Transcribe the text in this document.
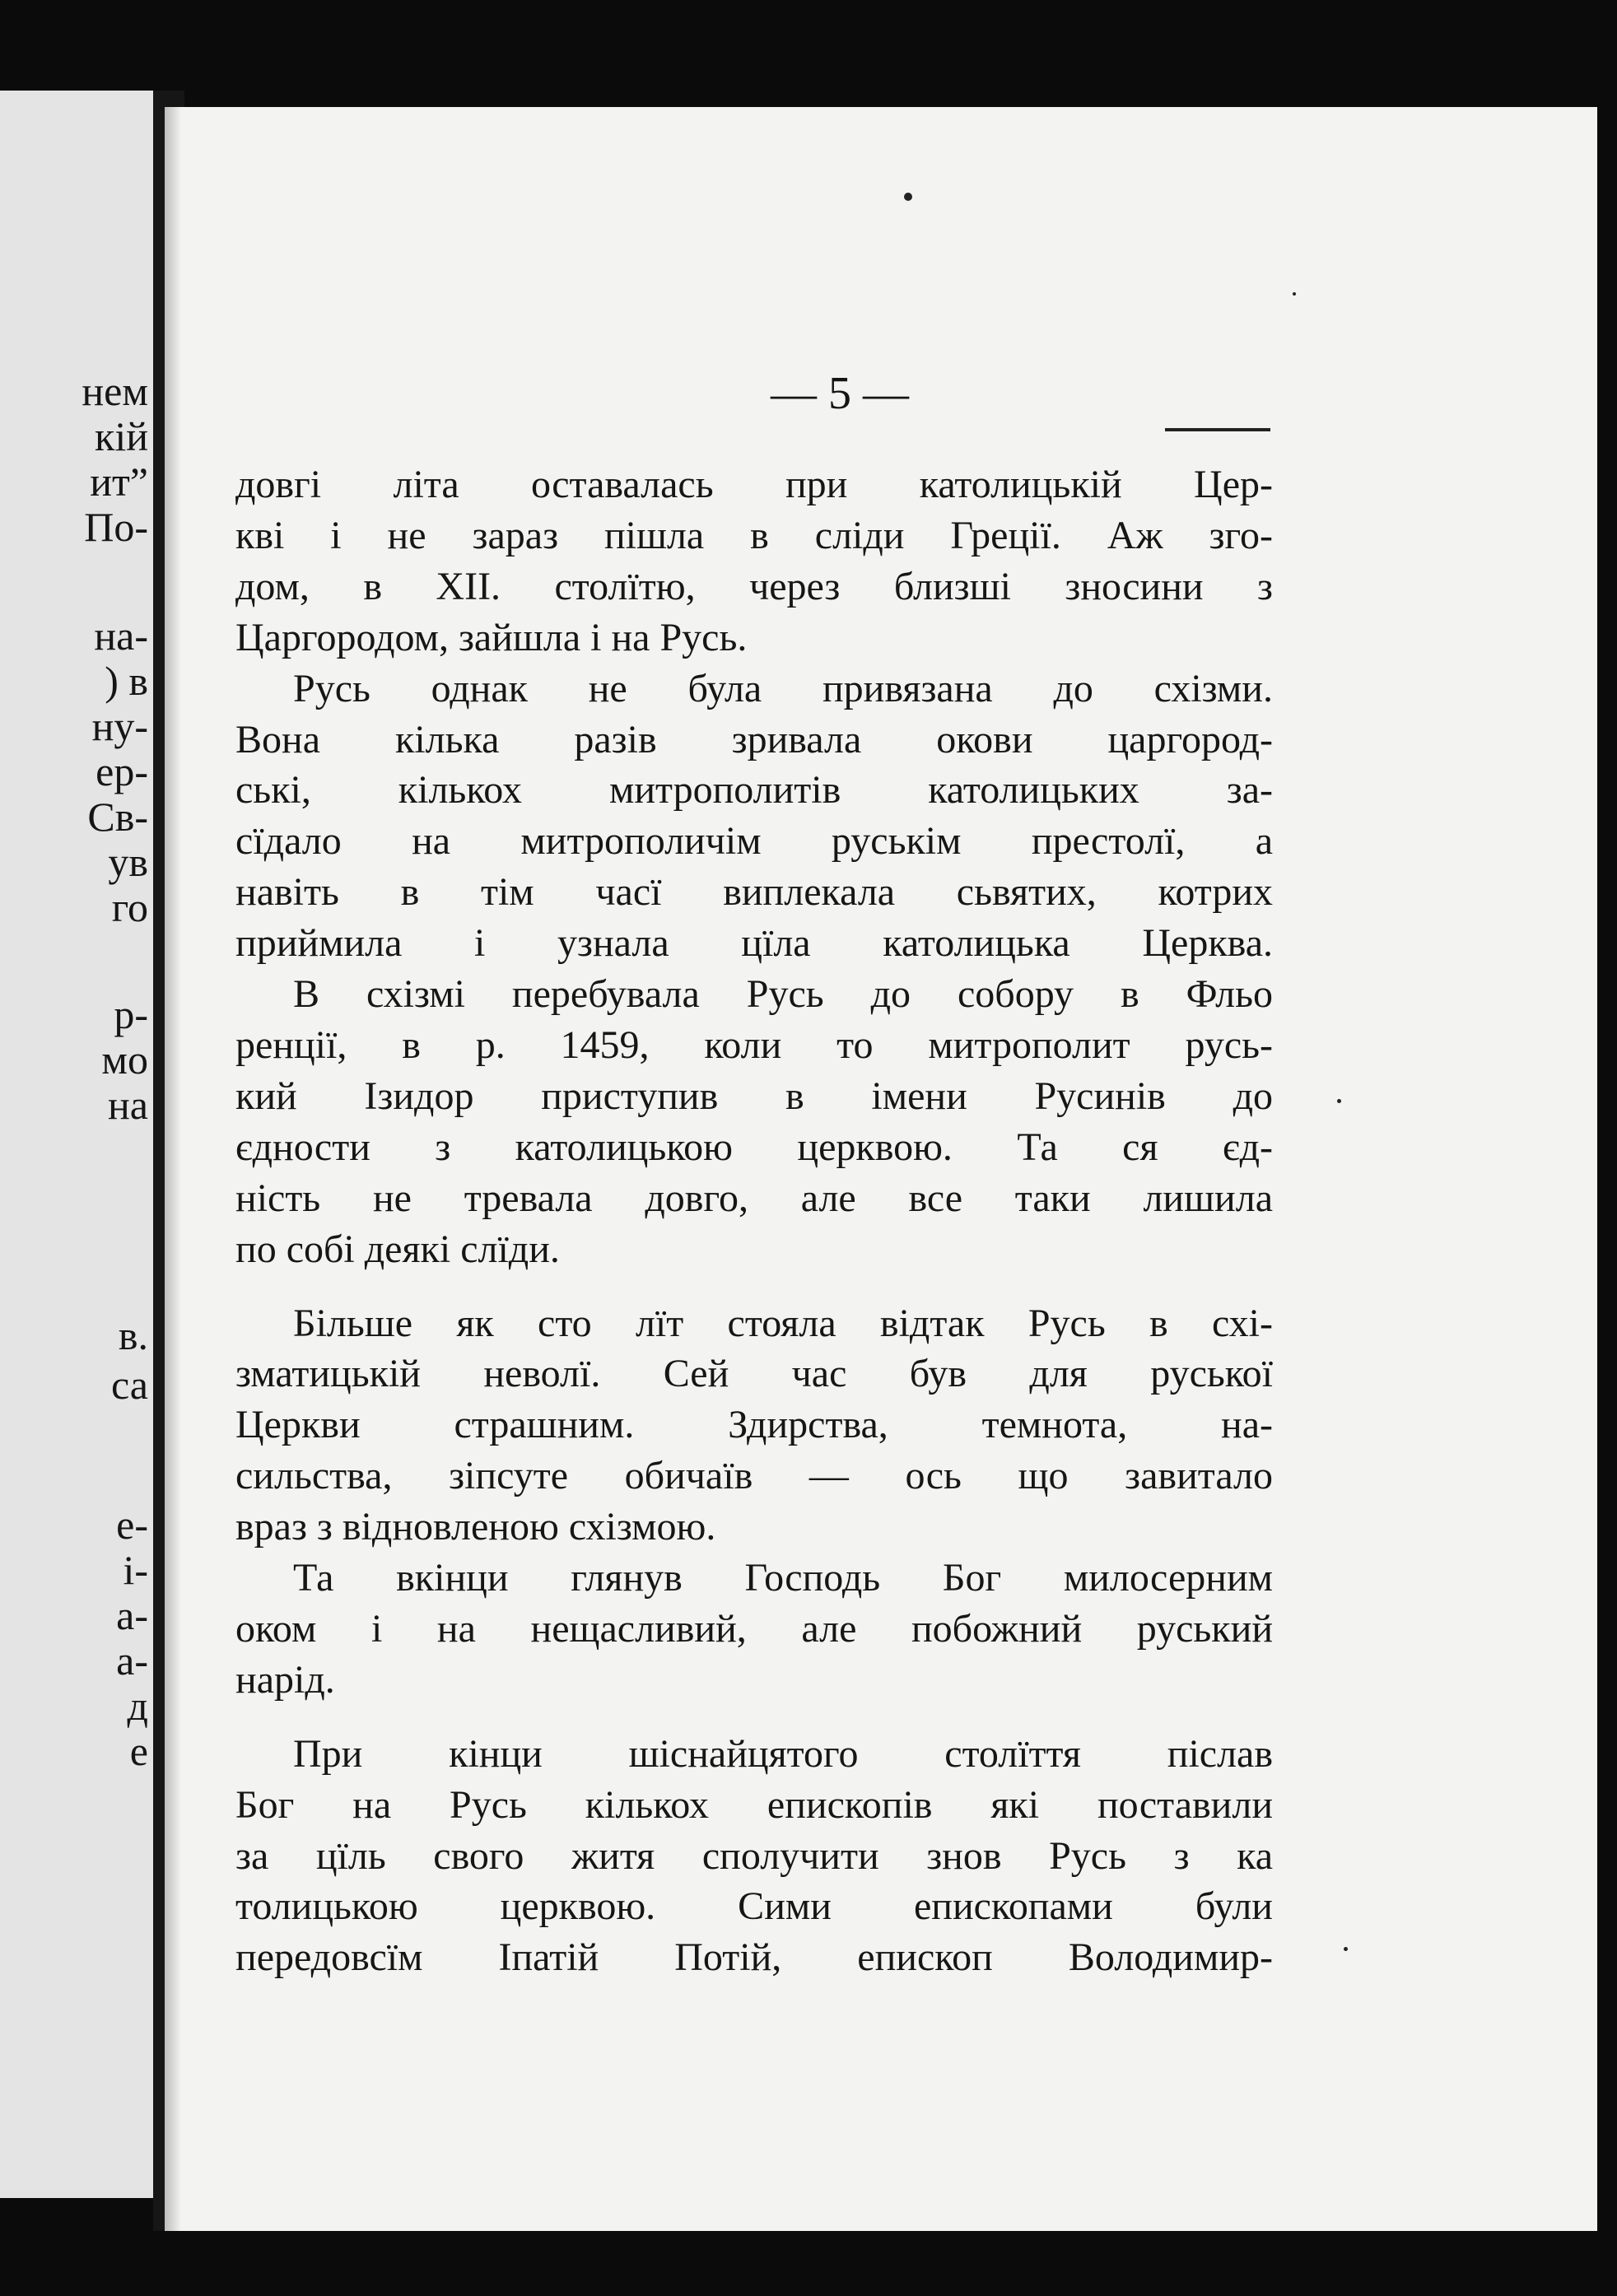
нем
кій
ит”
По-
на-
) в
ну-
ер-
Св-
ув
го
р-
мо
на
в.
са
е-
і-
а-
а-
д
е
— 5 —

довгі літа оставалась при католицькій Цер-
кві і не зараз пішла в сліди Греції. Аж зго-
дом, в XII. столїтю, через близші зносини з
Царгородом, зайшла і на Русь.

Русь однак не була привязана до схізми.
Вона кілька разів зривала окови царгород-
ські, кількох митрополитів католицьких за-
сїдало на митрополичім руськім престолї, а
навіть в тім часї виплекала сьвятих, котрих
приймила і узнала цїла католицька Церква.

В схізмі перебувала Русь до собору в Фльо
ренції, в р. 1459, коли то митрополит русь-
кий Ізидор приступив в імени Русинів до
єдности з католицькою церквою. Та ся єд-
ність не тревала довго, але все таки лишила
по собі деякі слїди.

Більше як сто лїт стояла відтак Русь в схі-
зматицькій неволї. Сей час був для руської
Церкви страшним. Здирства, темнота, на-
сильства, зіпсуте обичаїв — ось що завитало
враз з відновленою схізмою.

Та вкінци глянув Господь Бог милосерним
оком і на нещасливий, але побожний руський
нарід.

При кінци шіснайцятого столїття післав
Бог на Русь кількох епископів які поставили
за цїль свого житя сполучити знов Русь з ка
толицькою церквою. Сими епископами були
передовсїм Іпатій Потій, епископ Володимир-
